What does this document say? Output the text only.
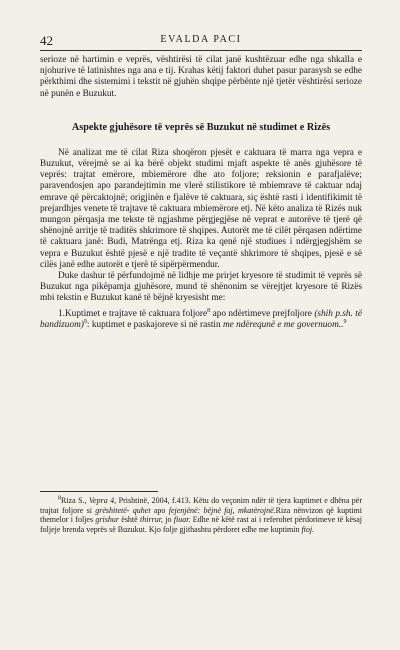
42	EVALDA PACI

serioze në hartimin e veprës, vështirësi të cilat janë kushtëzuar edhe nga shkalla e njohurive të latinishtes nga ana e tij. Krahas këtij faktori duhet pasur parasysh se edhe përkthimi dhe sistemimi i tekstit në gjuhën shqipe përbënte një tjetër vështirësi serioze në punën e Buzukut.

Aspekte gjuhësore të veprës së Buzukut në studimet e Rizës

Në analizat me të cilat Riza shoqëron pjesët e caktuara të marra nga vepra e Buzukut, vërejmë se ai ka bërë objekt studimi mjaft aspekte të anës gjuhësore të veprës: trajtat emërore, mbiemërore dhe ato foljore; reksionin e parafjalëve; paravendosjen apo parandejtimin me vlerë stilistikore të mbiemrave të caktuar ndaj emrave që përcaktojnë; origjinën e fjalëve të caktuara, siç është rasti i identifikimit të prejardhjes venete të trajtave të caktuara mbiemërore etj. Në këto analiza të Rizës nuk mungon përqasja me tekste të ngjashme përgjegjëse në veprat e autorëve të tjerë që shënojnë arritje të traditës shkrimore të shqipes. Autorët me të cilët përqasen ndërtime të caktuara janë: Budi, Matrënga etj. Riza ka qenë një studiues i ndërgjegjshëm se vepra e Buzukut është pjesë e një tradite të veçantë shkrimore të shqipes, pjesë e së cilës janë edhe autorët e tjerë të sipërpërmendur.

Duke dashur të përfundojmë në lidhje me prirjet kryesore të studimit të veprës së Buzukut nga pikëpamja gjuhësore, mund të shënonim se vërejtjet kryesore të Rizës mbi tekstin e Buzukut kanë të bëjnë kryesisht me:

1.Kuptimet e trajtave të caktuara foljore$^8$ apo ndërtimeve prejfoljore (shih p.sh. të bandizuom)$^9$: kuptimet e paskajoreve si në rastin me ndërequnë e me governuom..$^9$

$^8$Riza S., Vepra 4, Prishtinë, 2004, f.413. Këtu do veçonim ndër të tjera kuptimet e dhëna për trajtat foljore si grëshitetë- quhet apo fejenjënë: bëjnë faj, mkatërojnë.Riza nënvizon që kuptimi themelor i foljes grishur është thirrur, jo fiuar. Edhe në këtë rast ai i referohet përdorimeve të kësaj foljeje brenda veprës së Buzukut. Kjo folje gjithashtu përdoret edhe me kuptimin ftoj.
